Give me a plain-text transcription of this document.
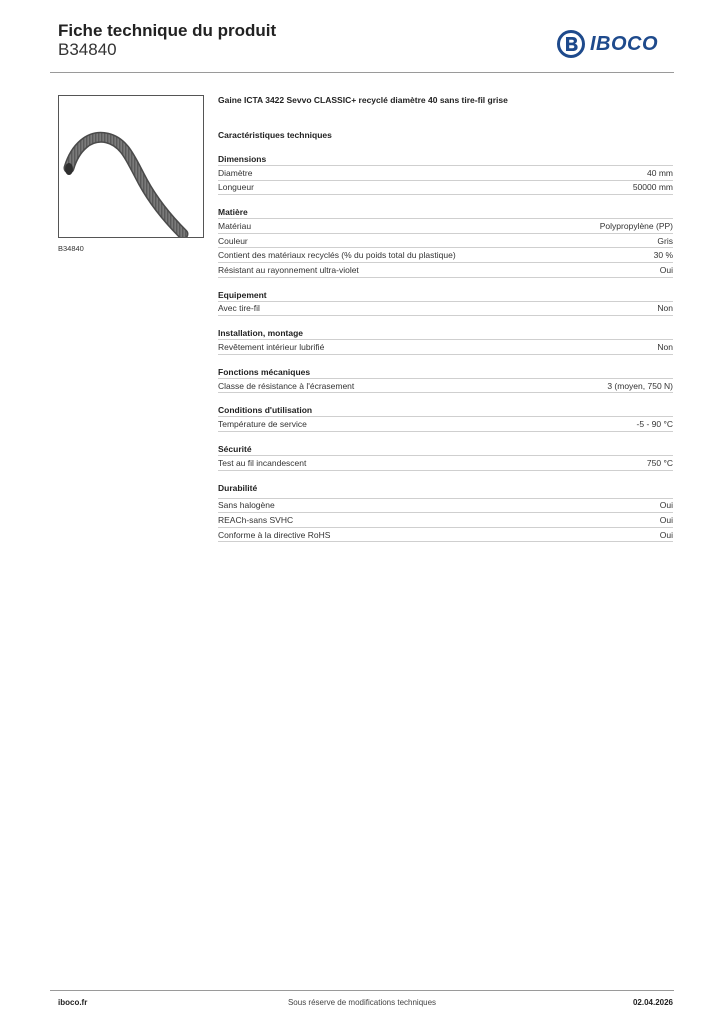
Fiche technique du produit
B34840	IBOCO
B34840
Gaine ICTA 3422 Sevvo CLASSIC+ recyclé diamètre 40 sans tire-fil grise
Caractéristiques techniques
Dimensions
Diamètre	40 mm
Longueur	50000 mm
Matière
Matériau	Polypropylène (PP)
Couleur	Gris
Contient des matériaux recyclés (% du poids total du plastique)	30 %
Résistant au rayonnement ultra-violet	Oui
Equipement
Avec tire-fil	Non
Installation, montage
Revêtement intérieur lubrifié	Non
Fonctions mécaniques
Classe de résistance à l'écrasement	3 (moyen, 750 N)
Conditions d'utilisation
Température de service	-5 - 90 °C
Sécurité
Test au fil incandescent	750 °C
Durabilité
Sans halogène	Oui
REACh-sans SVHC	Oui
Conforme à la directive RoHS	Oui
iboco.fr	Sous réserve de modifications techniques	02.04.2026
